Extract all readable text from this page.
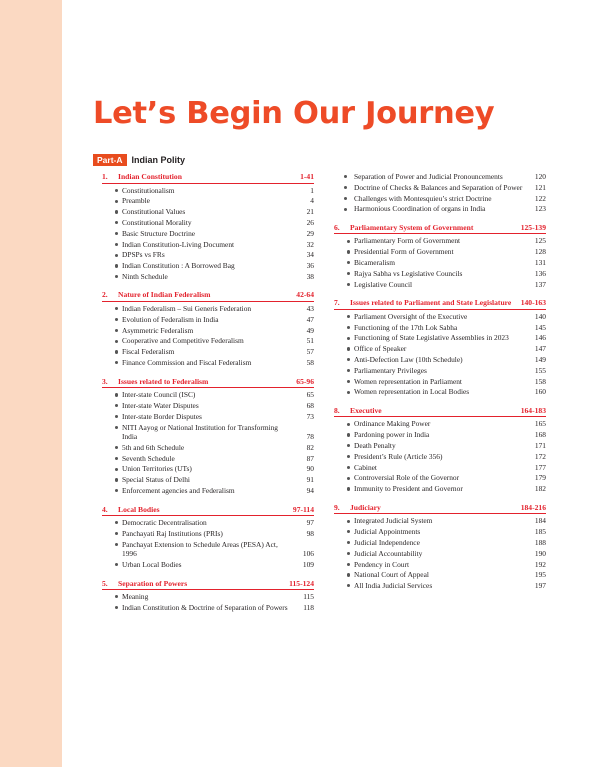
Let’s Begin Our Journey
Part-A	Indian Polity
1.	Indian Constitution	1-41
Constitutionalism	1
Preamble	4
Constitutional Values	21
Constitutional Morality	26
Basic Structure Doctrine	29
Indian Constitution-Living Document	32
DPSPs vs FRs	34
Indian Constitution : A Borrowed Bag	36
Ninth Schedule	38
2.	Nature of Indian Federalism	42-64
Indian Federalism – Sui Generis Federation	43
Evolution of Federalism in India	47
Asymmetric Federalism	49
Cooperative and Competitive Federalism	51
Fiscal Federalism	57
Finance Commission and Fiscal Federalism	58
3.	Issues related to Federalism	65-96
Inter-state Council (ISC)	65
Inter-state Water Disputes	68
Inter-state Border Disputes	73
NITI Aayog or National Institution for Transforming India	78
5th and 6th Schedule	82
Seventh Schedule	87
Union Territories (UTs)	90
Special Status of Delhi	91
Enforcement agencies and Federalism	94
4.	Local Bodies	97-114
Democratic Decentralisation	97
Panchayati Raj Institutions (PRIs)	98
Panchayat Extension to Schedule Areas (PESA) Act, 1996	106
Urban Local Bodies	109
5.	Separation of Powers	115-124
Meaning	115
Indian Constitution & Doctrine of Separation of Powers	118
Separation of Power and Judicial Pronouncements	120
Doctrine of Checks & Balances and Separation of Power	121
Challenges with Montesquieu’s strict Doctrine	122
Harmonious Coordination of organs in India	123
6.	Parliamentary System of Government	125-139
Parliamentary Form of Government	125
Presidential Form of Government	128
Bicameralism	131
Rajya Sabha vs Legislative Councils	136
Legislative Council	137
7.	Issues related to Parliament and State Legislature	140-163
Parliament Oversight of the Executive	140
Functioning of the 17th Lok Sabha	145
Functioning of State Legislative Assemblies in 2023	146
Office of Speaker	147
Anti-Defection Law (10th Schedule)	149
Parliamentary Privileges	155
Women representation in Parliament	158
Women representation in Local Bodies	160
8.	Executive	164-183
Ordinance Making Power	165
Pardoning power in India	168
Death Penalty	171
President’s Rule (Article 356)	172
Cabinet	177
Controversial Role of the Governor	179
Immunity to President and Governor	182
9.	Judiciary	184-216
Integrated Judicial System	184
Judicial Appointments	185
Judicial Independence	188
Judicial Accountability	190
Pendency in Court	192
National Court of Appeal	195
All India Judicial Services	197
